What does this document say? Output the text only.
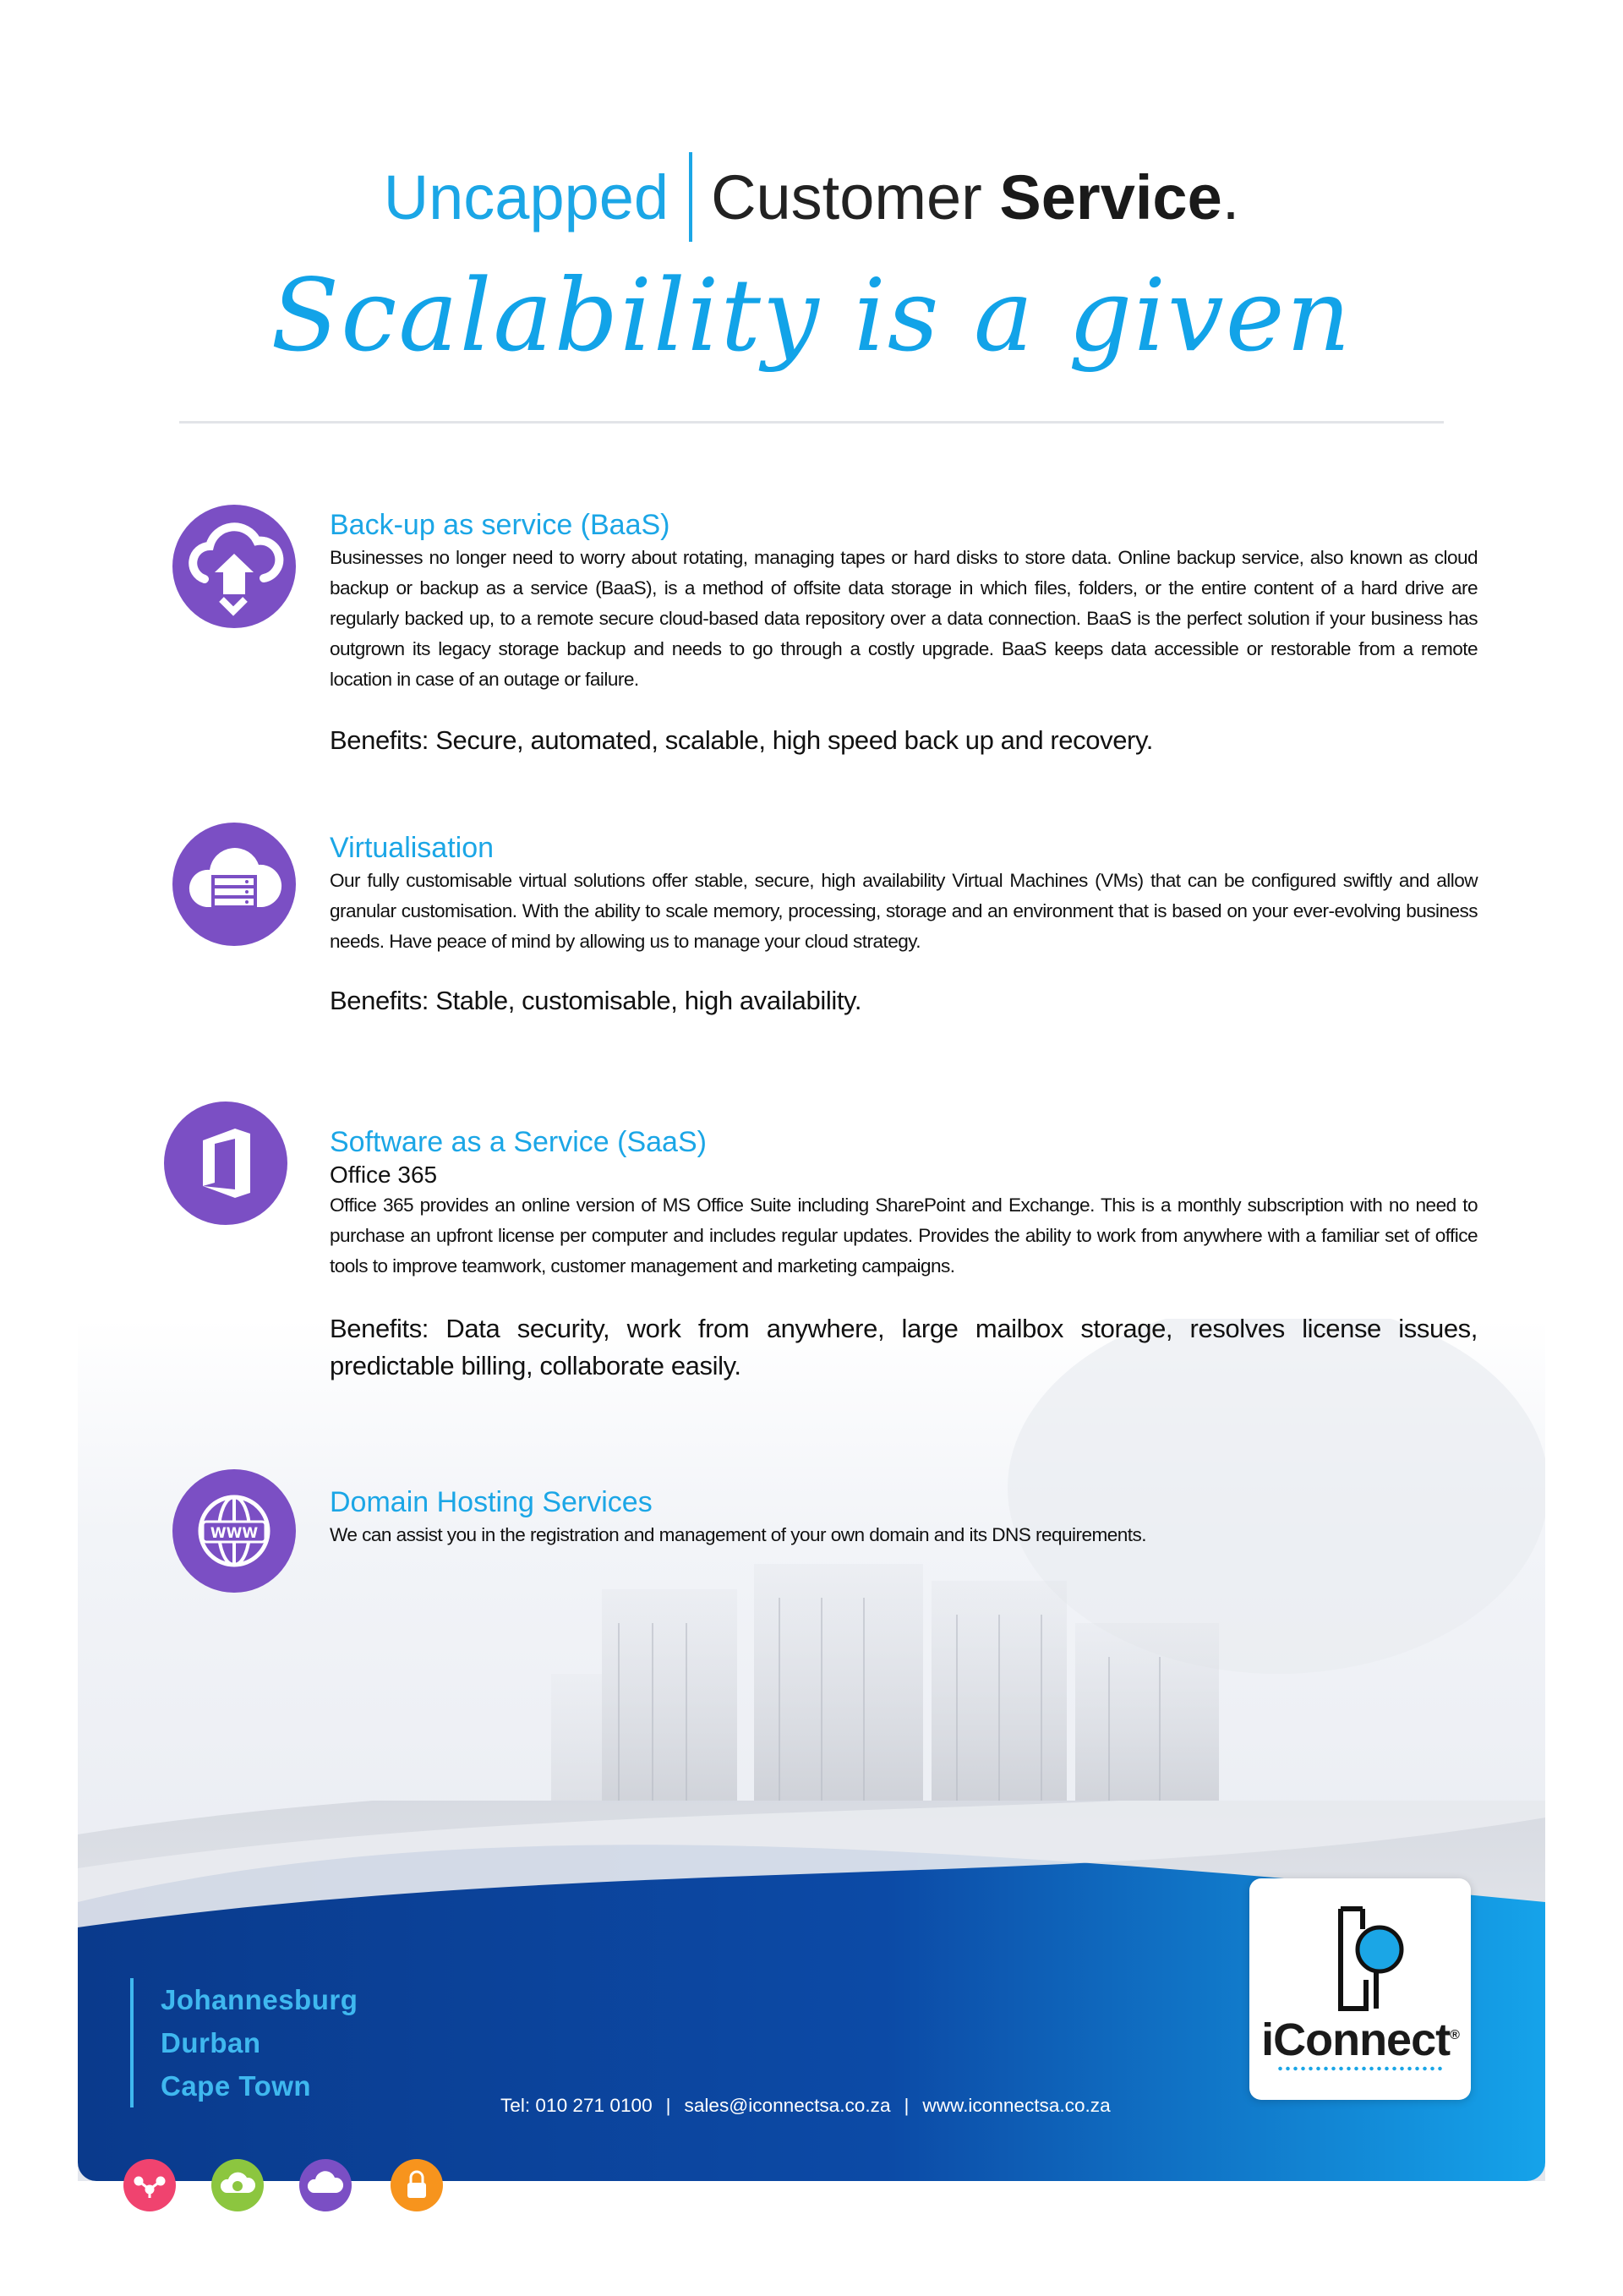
Uncapped Customer Service.
Scalability is a given
Back-up as service (BaaS)
Businesses no longer need to worry about rotating, managing tapes or hard disks to store data. Online backup service, also known as cloud backup or backup as a service (BaaS), is a method of offsite data storage in which files, folders, or the entire content of a hard drive are regularly backed up, to a remote secure cloud-based data repository over a data connection. BaaS is the perfect solution if your business has outgrown its legacy storage backup and needs to go through a costly upgrade. BaaS keeps data accessible or restorable from a remote location in case of an outage or failure.
Benefits: Secure, automated, scalable, high speed back up and recovery.
Virtualisation
Our fully customisable virtual solutions offer stable, secure, high availability Virtual Machines (VMs) that can be configured swiftly and allow granular customisation. With the ability to scale memory, processing, storage and an environment that is based on your ever-evolving business needs. Have peace of mind by allowing us to manage your cloud strategy.
Benefits: Stable, customisable, high availability.
Software as a Service (SaaS)
Office 365
Office 365 provides an online version of MS Office Suite including SharePoint and Exchange. This is a monthly subscription with no need to purchase an upfront license per computer and includes regular updates. Provides the ability to work from anywhere with a familiar set of office tools to improve teamwork, customer management and marketing campaigns.
Benefits: Data security, work from anywhere, large mailbox storage, resolves license issues, predictable billing, collaborate easily.
WWW
Domain Hosting Services
We can assist you in the registration and management of your own domain and its DNS requirements.
Johannesburg
Durban
Cape Town
Tel: 010 271 0100 | sales@iconnectsa.co.za | www.iconnectsa.co.za
iConnect®
